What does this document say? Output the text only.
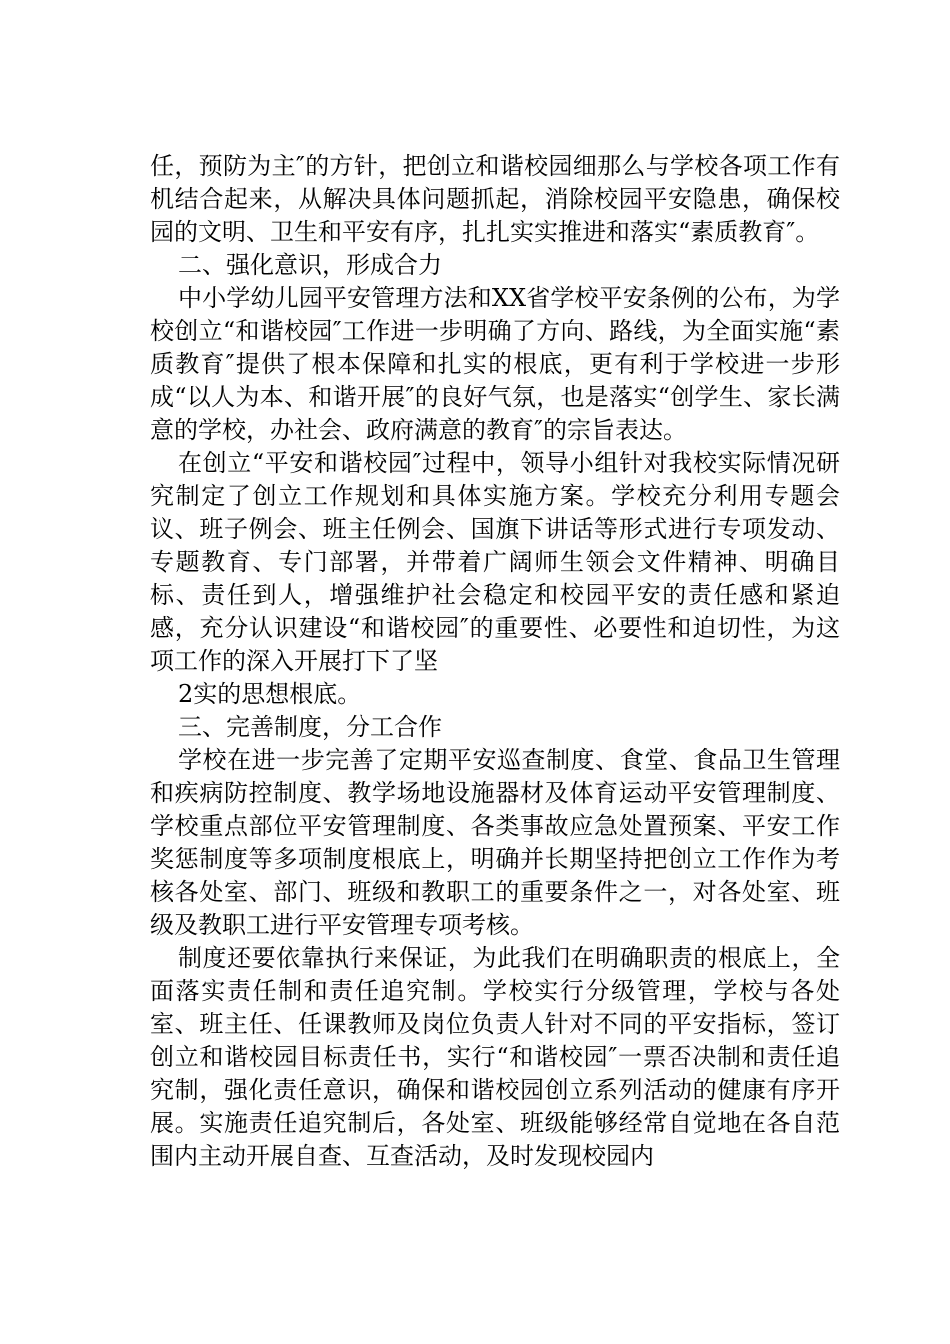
任，预防为主″的方针，把创立和谐校园细那么与学校各项工作有机结合起来，从解决具体问题抓起，消除校园平安隐患，确保校园的文明、卫生和平安有序，扎扎实实推进和落实“素质教育″。

二、强化意识，形成合力

中小学幼儿园平安管理方法和XX省学校平安条例的公布，为学校创立“和谐校园″工作进一步明确了方向、路线，为全面实施“素质教育″提供了根本保障和扎实的根底，更有利于学校进一步形成“以人为本、和谐开展″的良好气氛，也是落实“创学生、家长满意的学校，办社会、政府满意的教育″的宗旨表达。

在创立“平安和谐校园″过程中，领导小组针对我校实际情况研究制定了创立工作规划和具体实施方案。学校充分利用专题会议、班子例会、班主任例会、国旗下讲话等形式进行专项发动、专题教育、专门部署，并带着广阔师生领会文件精神、明确目标、责任到人，增强维护社会稳定和校园平安的责任感和紧迫感，充分认识建设“和谐校园″的重要性、必要性和迫切性，为这项工作的深入开展打下了坚

2实的思想根底。

三、完善制度，分工合作

学校在进一步完善了定期平安巡查制度、食堂、食品卫生管理和疾病防控制度、教学场地设施器材及体育运动平安管理制度、学校重点部位平安管理制度、各类事故应急处置预案、平安工作奖惩制度等多项制度根底上，明确并长期坚持把创立工作作为考核各处室、部门、班级和教职工的重要条件之一，对各处室、班级及教职工进行平安管理专项考核。

制度还要依靠执行来保证，为此我们在明确职责的根底上，全面落实责任制和责任追究制。学校实行分级管理，学校与各处室、班主任、任课教师及岗位负责人针对不同的平安指标，签订创立和谐校园目标责任书，实行“和谐校园″一票否决制和责任追究制，强化责任意识，确保和谐校园创立系列活动的健康有序开展。实施责任追究制后，各处室、班级能够经常自觉地在各自范围内主动开展自查、互查活动，及时发现校园内
